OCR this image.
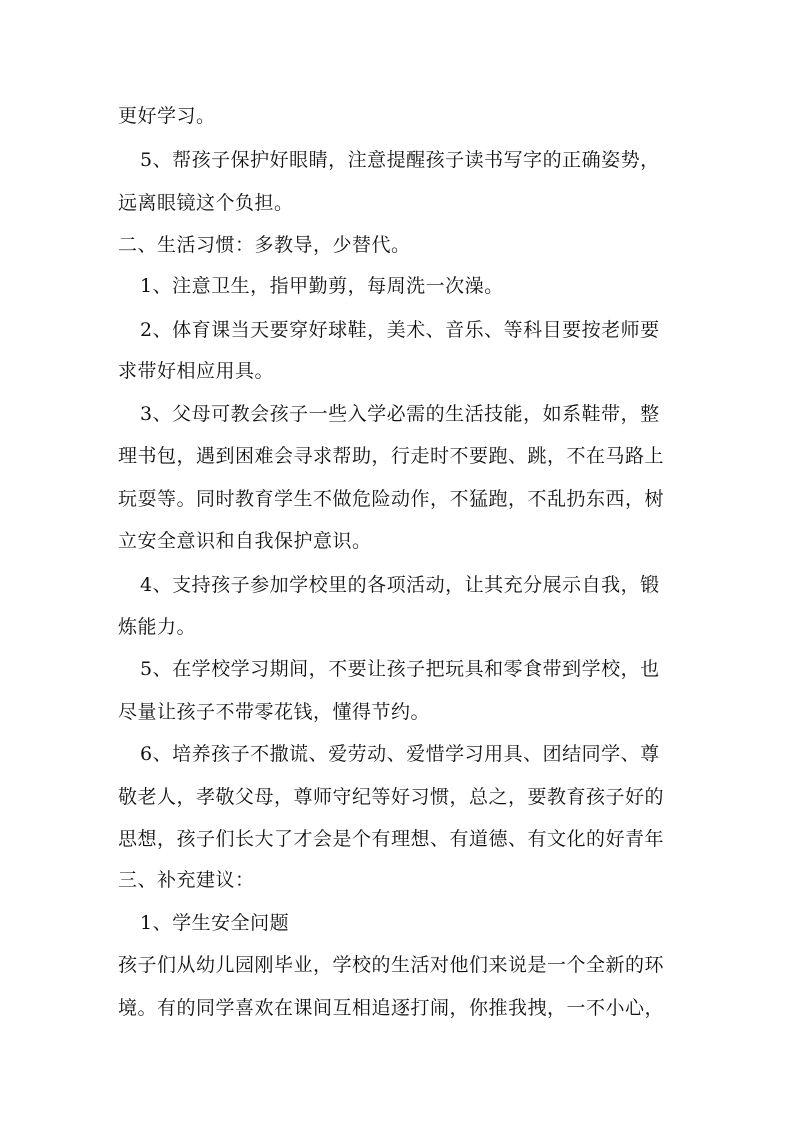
更好学习。
5、帮孩子保护好眼睛，注意提醒孩子读书写字的正确姿势，
远离眼镜这个负担。
二、生活习惯：多教导，少替代。
1、注意卫生，指甲勤剪，每周洗一次澡。
2、体育课当天要穿好球鞋，美术、音乐、等科目要按老师要
求带好相应用具。
3、父母可教会孩子一些入学必需的生活技能，如系鞋带，整
理书包，遇到困难会寻求帮助，行走时不要跑、跳，不在马路上
玩耍等。同时教育学生不做危险动作，不猛跑，不乱扔东西，树
立安全意识和自我保护意识。
4、支持孩子参加学校里的各项活动，让其充分展示自我，锻
炼能力。
5、在学校学习期间，不要让孩子把玩具和零食带到学校，也
尽量让孩子不带零花钱，懂得节约。
6、培养孩子不撒谎、爱劳动、爱惜学习用具、团结同学、尊
敬老人，孝敬父母，尊师守纪等好习惯，总之，要教育孩子好的
思想，孩子们长大了才会是个有理想、有道德、有文化的好青年
三、补充建议：
1、学生安全问题
孩子们从幼儿园刚毕业，学校的生活对他们来说是一个全新的环
境。有的同学喜欢在课间互相追逐打闹，你推我拽，一不小心，
